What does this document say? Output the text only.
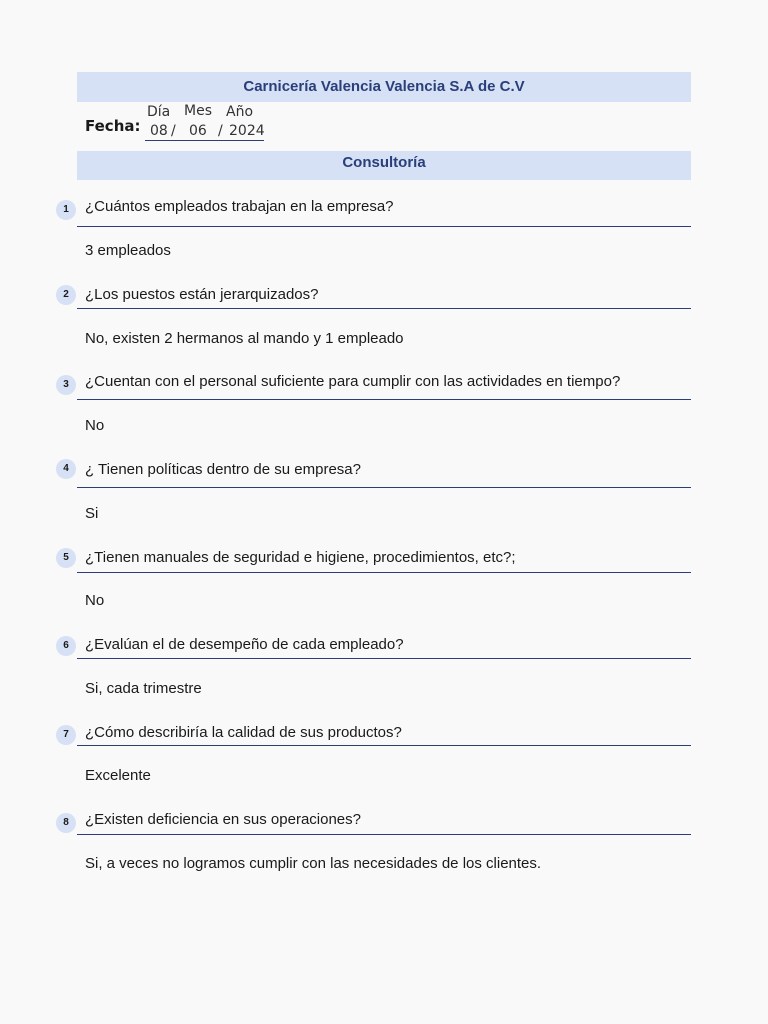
Carnicería Valencia Valencia S.A de C.V
Fecha:
Día Mes Año
08 / 06 / 2024
Consultoría
1	¿Cuántos empleados trabajan en la empresa?
3 empleados
2	¿Los puestos están jerarquizados?
No, existen 2 hermanos al mando y 1 empleado
3	¿Cuentan con el personal suficiente para cumplir con las actividades en tiempo?
No
4	¿ Tienen políticas dentro de su empresa?
Si
5	¿Tienen manuales de seguridad e higiene, procedimientos, etc?;
No
6	¿Evalúan el de desempeño de cada empleado?
Si, cada trimestre
7	¿Cómo describiría la calidad de sus productos?
Excelente
8	¿Existen deficiencia en sus operaciones?
Si, a veces no logramos cumplir con las necesidades de los clientes.
